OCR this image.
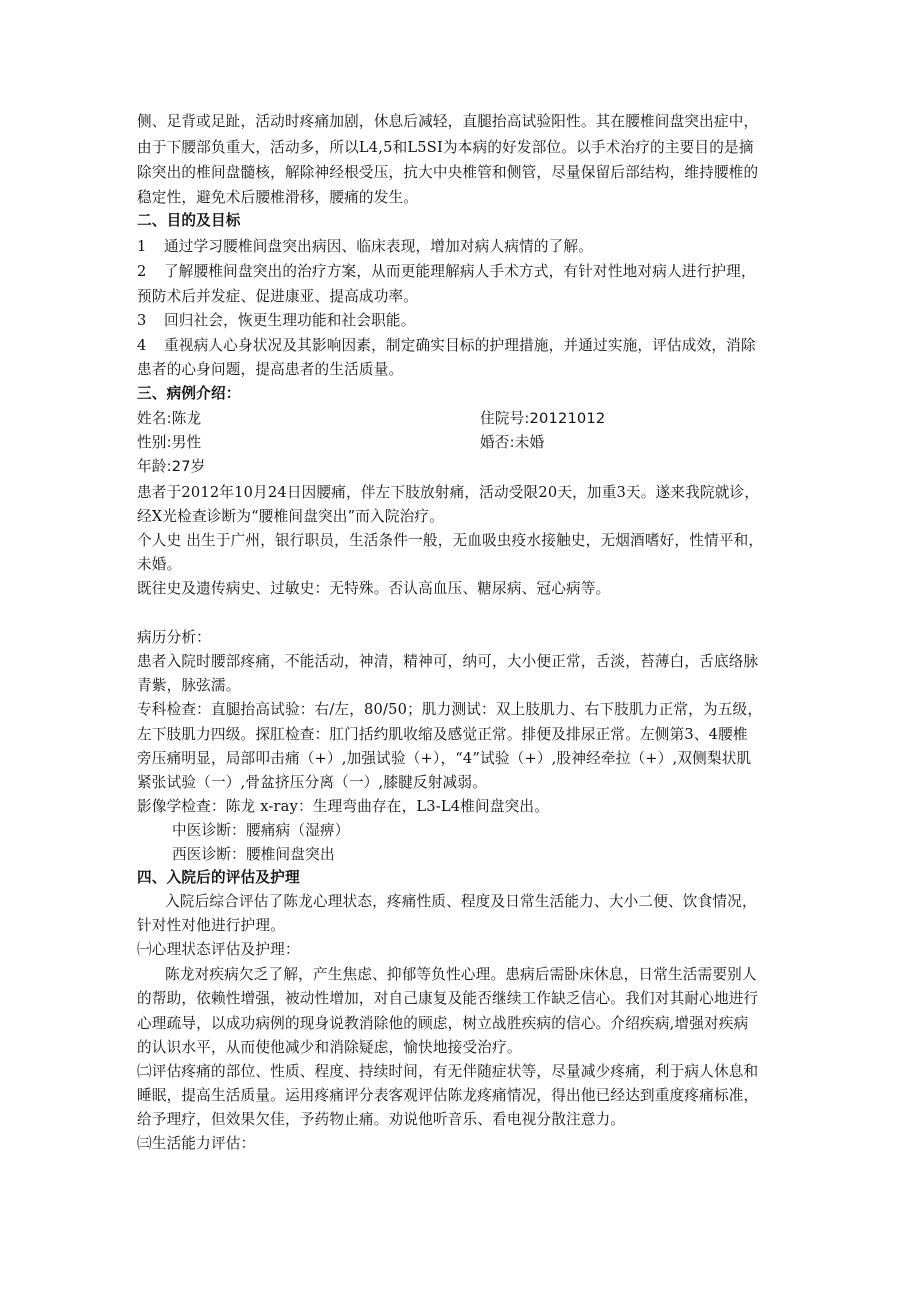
侧、足背或足趾，活动时疼痛加剧，休息后减轻，直腿抬高试验阳性。其在腰椎间盘突出症中，
由于下腰部负重大，活动多，所以L4,5和L5SI为本病的好发部位。以手术治疗的主要目的是摘
除突出的椎间盘髓核，解除神经根受压，抗大中央椎管和侧管，尽量保留后部结构，维持腰椎的
稳定性，避免术后腰椎滑移，腰痛的发生。
二、目的及目标
1 通过学习腰椎间盘突出病因、临床表现，增加对病人病情的了解。
2 了解腰椎间盘突出的治疗方案，从而更能理解病人手术方式，有针对性地对病人进行护理，
预防术后并发症、促进康亚、提高成功率。
3 回归社会，恢更生理功能和社会职能。
4 重视病人心身状况及其影响因素，制定确实目标的护理措施，并通过实施，评估成效，消除
患者的心身问题，提高患者的生活质量。
三、病例介绍：
姓名:陈龙	住院号:20121012
性别:男性	婚否:未婚
年龄:27岁
患者于2012年10月24日因腰痛，伴左下肢放射痛，活动受限20天，加重3天。遂来我院就诊，
经X光检查诊断为“腰椎间盘突出”而入院治疗。
个人史 出生于广州，银行职员，生活条件一般，无血吸虫疫水接触史，无烟酒嗜好，性情平和，
未婚。
既往史及遗传病史、过敏史：无特殊。否认高血压、糖尿病、冠心病等。
病历分析：
患者入院时腰部疼痛，不能活动，神清，精神可，纳可，大小便正常，舌淡，苔薄白，舌底络脉
青紫，脉弦濡。
专科检查：直腿抬高试验：右/左，80/50；肌力测试：双上肢肌力、右下肢肌力正常，为五级，
左下肢肌力四级。探肛检查：肛门括约肌收缩及感觉正常。排便及排尿正常。左侧第3、4腰椎
旁压痛明显，局部叩击痛（+）,加强试验（+），“4”试验（+）,股神经牵拉（+）,双侧梨状肌
紧张试验（一）,骨盆挤压分离（一）,膝腱反射减弱。
影像学检查：陈龙 x-ray：生理弯曲存在，L3-L4椎间盘突出。
中医诊断：腰痛病（湿痹）
西医诊断：腰椎间盘突出
四、入院后的评估及护理
入院后综合评估了陈龙心理状态，疼痛性质、程度及日常生活能力、大小二便、饮食情况，
针对性对他进行护理。
㈠心理状态评估及护理：
陈龙对疾病欠乏了解，产生焦虑、抑郁等负性心理。患病后需卧床休息，日常生活需要别人
的帮助，依赖性增强，被动性增加，对自己康复及能否继续工作缺乏信心。我们对其耐心地进行
心理疏导，以成功病例的现身说教消除他的顾虑，树立战胜疾病的信心。介绍疾病,增强对疾病
的认识水平，从而使他减少和消除疑虑，愉快地接受治疗。
㈡评估疼痛的部位、性质、程度、持续时间，有无伴随症状等，尽量减少疼痛，利于病人休息和
睡眠，提高生活质量。运用疼痛评分表客观评估陈龙疼痛情况，得出他已经达到重度疼痛标准，
给予理疗，但效果欠佳，予药物止痛。劝说他听音乐、看电视分散注意力。
㈢生活能力评估：
